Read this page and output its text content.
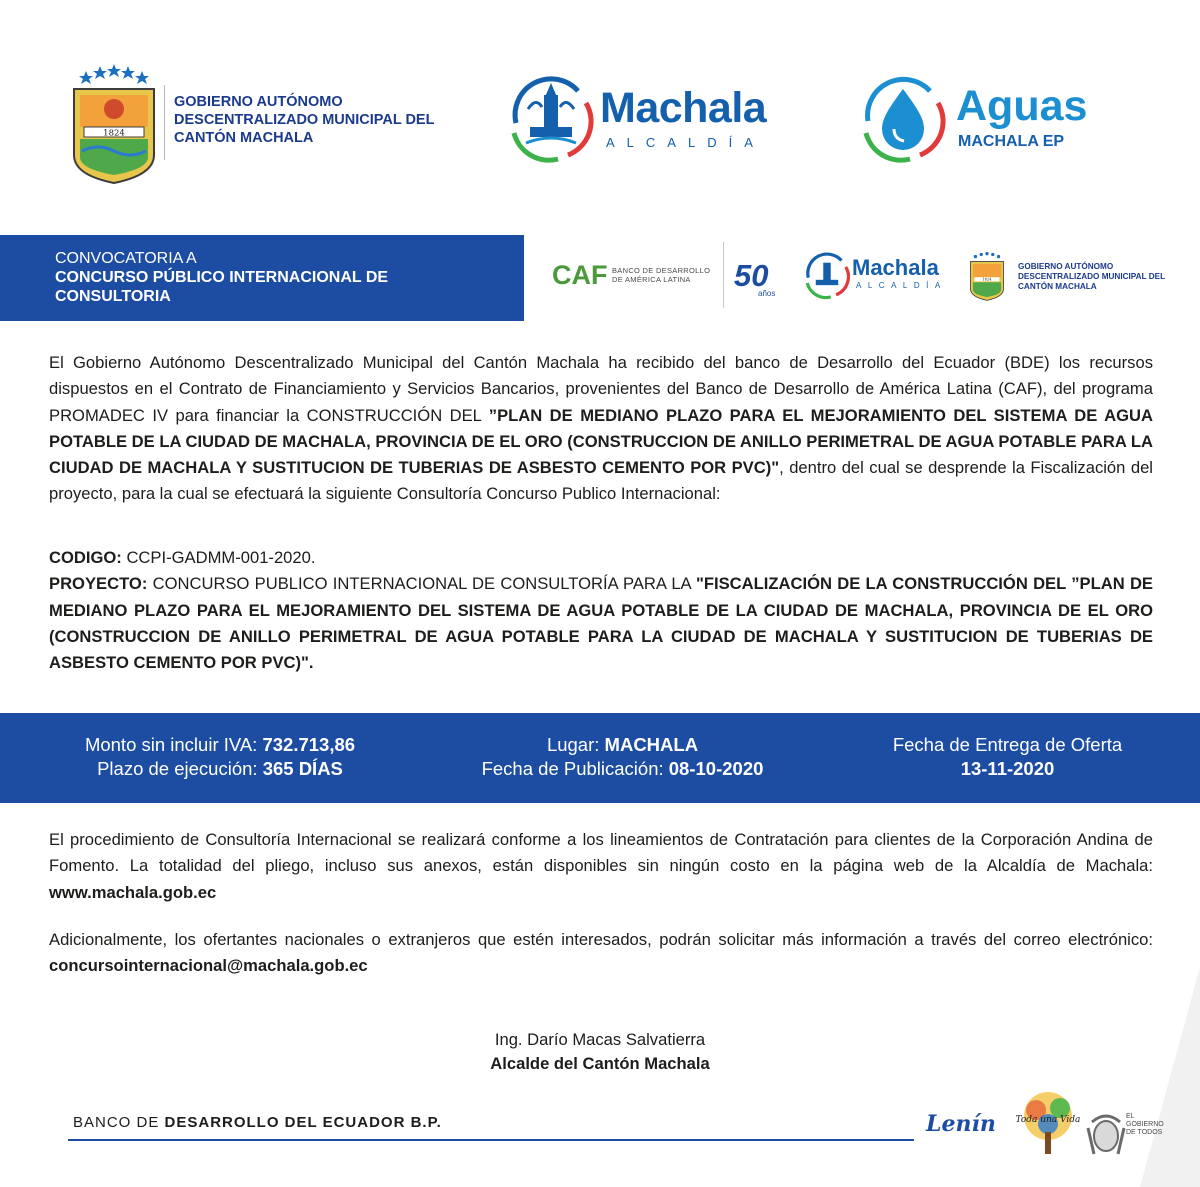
1824
GOBIERNO AUTÓNOMO
DESCENTRALIZADO MUNICIPAL DEL
CANTÓN MACHALA
Machala
ALCALDÍA
Aguas
MACHALA EP
CONVOCATORIA A
CONCURSO PÚBLICO INTERNACIONAL DE
CONSULTORIA
CAF BANCO DE DESARROLLO
DE AMÉRICA LATINA	50
años
Machala
ALCALDÍA
1824
GOBIERNO AUTÓNOMO
DESCENTRALIZADO MUNICIPAL DEL
CANTÓN MACHALA
El Gobierno Autónomo Descentralizado Municipal del Cantón Machala ha recibido del banco de Desarrollo del Ecuador (BDE) los recursos dispuestos en el Contrato de Financiamiento y Servicios Bancarios, provenientes del Banco de Desarrollo de América Latina (CAF), del programa PROMADEC IV para financiar la CONSTRUCCIÓN DEL ”PLAN DE MEDIANO PLAZO PARA EL MEJORAMIENTO DEL SISTEMA DE AGUA POTABLE DE LA CIUDAD DE MACHALA, PROVINCIA DE EL ORO (CONSTRUCCION DE ANILLO PERIMETRAL DE AGUA POTABLE PARA LA CIUDAD DE MACHALA Y SUSTITUCION DE TUBERIAS DE ASBESTO CEMENTO POR PVC)", dentro del cual se desprende la Fiscalización del proyecto, para la cual se efectuará la siguiente Consultoría Concurso Publico Internacional:
CODIGO: CCPI-GADMM-001-2020.
PROYECTO: CONCURSO PUBLICO INTERNACIONAL DE CONSULTORÍA PARA LA "FISCALIZACIÓN DE LA CONSTRUCCIÓN DEL ”PLAN DE MEDIANO PLAZO PARA EL MEJORAMIENTO DEL SISTEMA DE AGUA POTABLE DE LA CIUDAD DE MACHALA, PROVINCIA DE EL ORO (CONSTRUCCION DE ANILLO PERIMETRAL DE AGUA POTABLE PARA LA CIUDAD DE MACHALA Y SUSTITUCION DE TUBERIAS DE ASBESTO CEMENTO POR PVC)".
Monto sin incluir IVA: 732.713,86
Plazo de ejecución: 365 DÍAS
Lugar: MACHALA
Fecha de Publicación: 08-10-2020
Fecha de Entrega de Oferta
13-11-2020
El procedimiento de Consultoría Internacional se realizará conforme a los lineamientos de Contratación para clientes de la Corporación Andina de Fomento. La totalidad del pliego, incluso sus anexos, están disponibles sin ningún costo en la página web de la Alcaldía de Machala: www.machala.gob.ec
Adicionalmente, los ofertantes nacionales o extranjeros que estén interesados, podrán solicitar más información a través del correo electrónico: concursointernacional@machala.gob.ec
Ing. Darío Macas Salvatierra
Alcalde del Cantón Machala
BANCO DE DESARROLLO DEL ECUADOR B.P.	Lenín Toda una Vida	EL
GOBIERNO
DE TODOS
